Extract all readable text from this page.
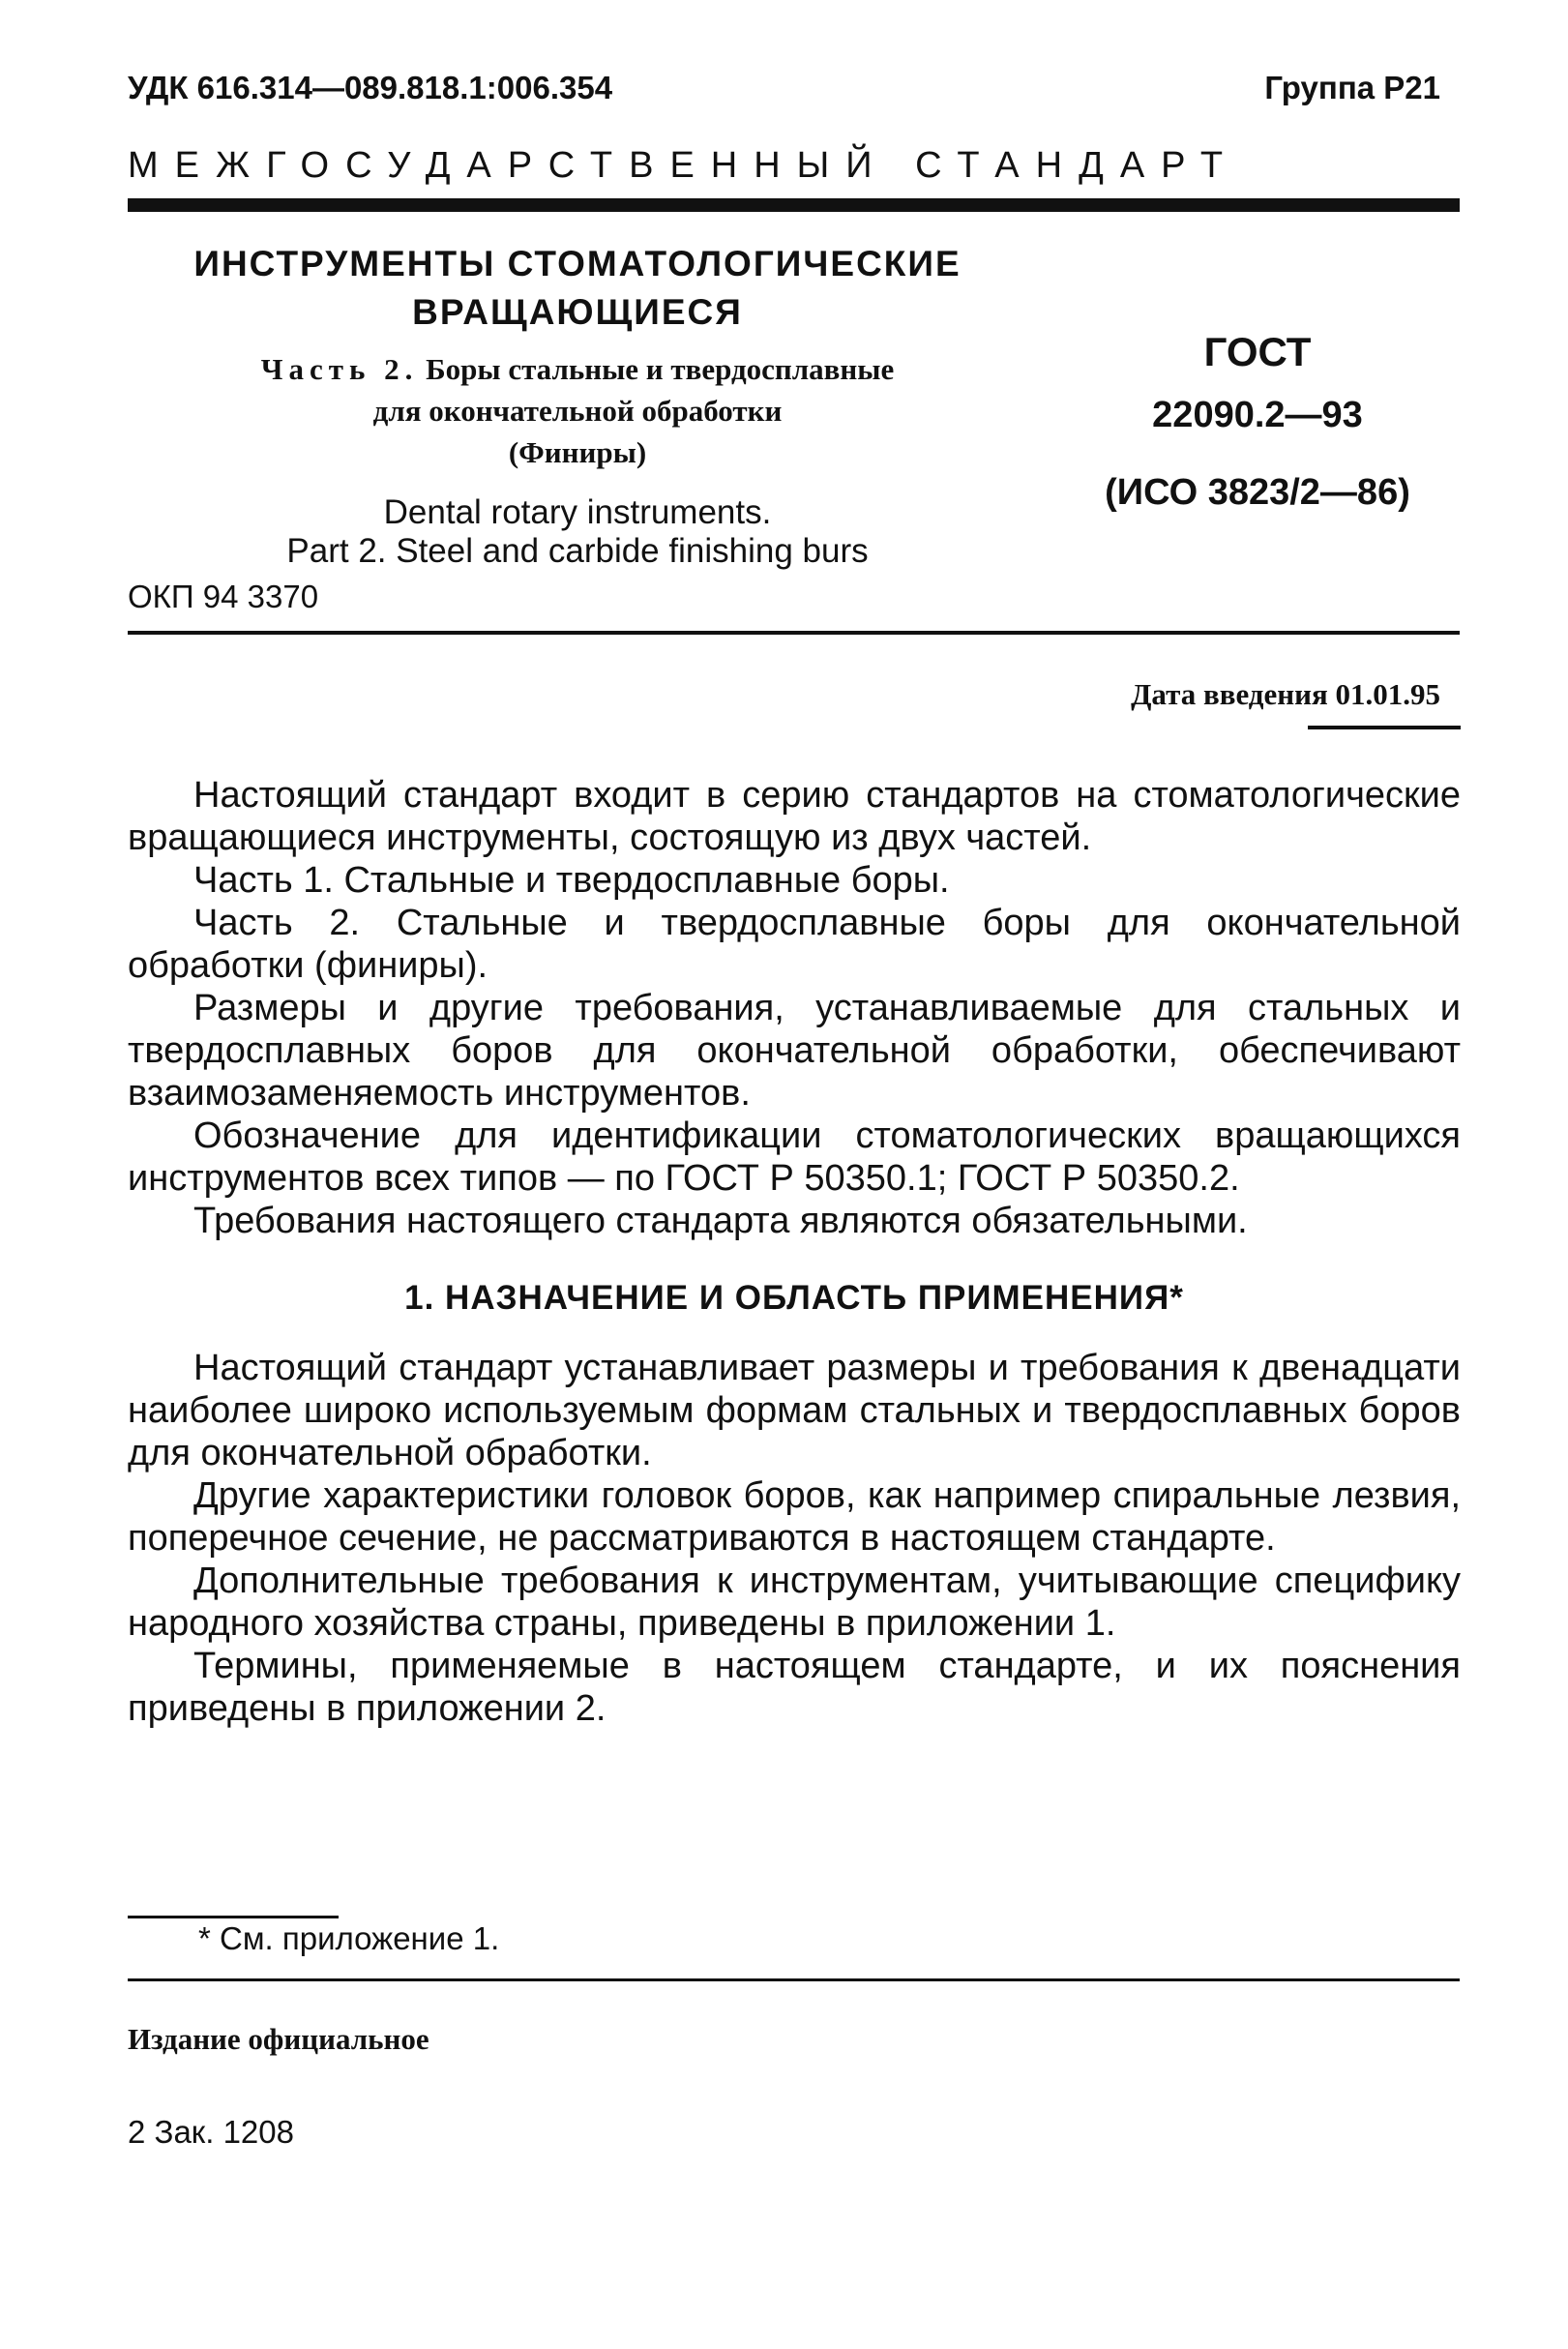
УДК 616.314—089.818.1:006.354	Группа Р21
МЕЖГОСУДАРСТВЕННЫЙ СТАНДАРТ
ИНСТРУМЕНТЫ СТОМАТОЛОГИЧЕСКИЕ
ВРАЩАЮЩИЕСЯ
Часть 2. Боры стальные и твердосплавные
для окончательной обработки
(Финиры)
Dental rotary instruments.
Part 2. Steel and carbide finishing burs
ОКП 94 3370
ГОСТ
22090.2—93
(ИСО 3823/2—86)
Дата введения 01.01.95

Настоящий стандарт входит в серию стандартов на стоматологические вращающиеся инструменты, состоящую из двух частей.

Часть 1. Стальные и твердосплавные боры.

Часть 2. Стальные и твердосплавные боры для окончательной обработки (финиры).

Размеры и другие требования, устанавливаемые для стальных и твердосплавных боров для окончательной обработки, обеспечивают взаимозаменяемость инструментов.

Обозначение для идентификации стоматологических вращающихся инструментов всех типов — по ГОСТ Р 50350.1; ГОСТ Р 50350.2.

Требования настоящего стандарта являются обязательными.

1. НАЗНАЧЕНИЕ И ОБЛАСТЬ ПРИМЕНЕНИЯ*

Настоящий стандарт устанавливает размеры и требования к двенадцати наиболее широко используемым формам стальных и твердосплавных боров для окончательной обработки.

Другие характеристики головок боров, как например спиральные лезвия, поперечное сечение, не рассматриваются в настоящем стандарте.

Дополнительные требования к инструментам, учитывающие специфику народного хозяйства страны, приведены в приложении 1.

Термины, применяемые в настоящем стандарте, и их пояснения приведены в приложении 2.

* См. приложение 1.
Издание официальное
2 Зак. 1208
